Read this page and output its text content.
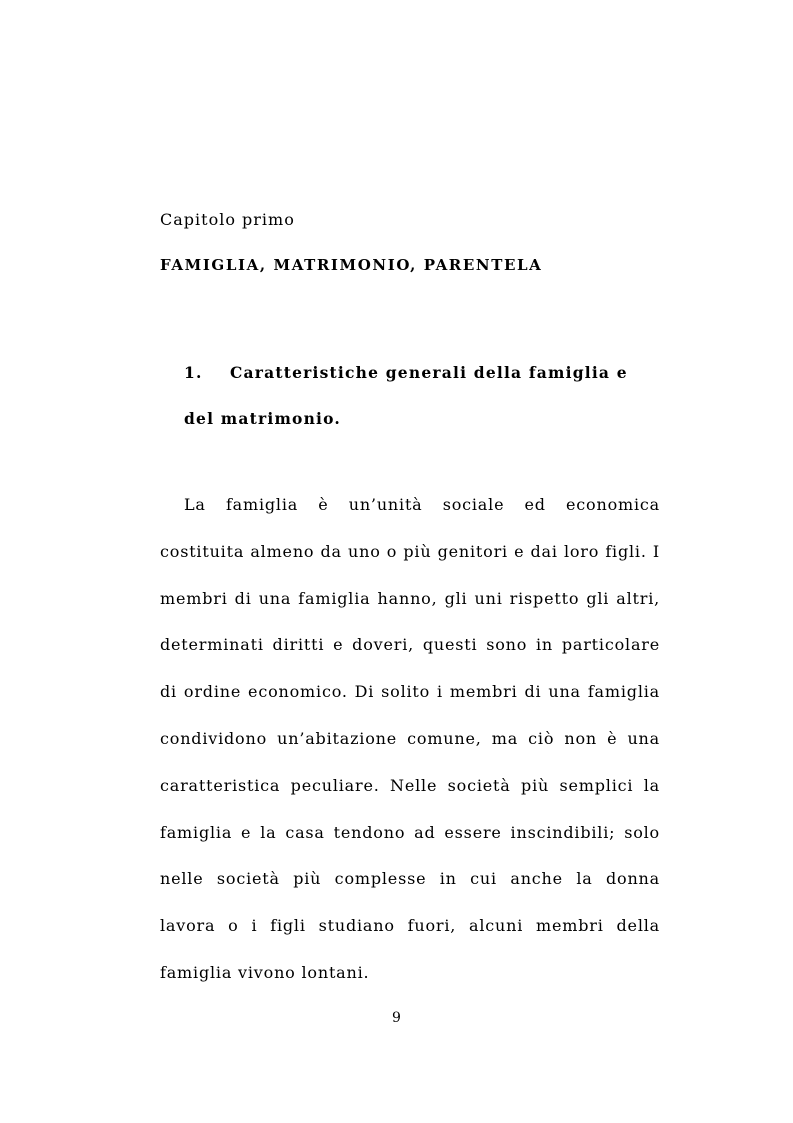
Capitolo primo
FAMIGLIA, MATRIMONIO, PARENTELA
1. Caratteristiche generali della famiglia e del matrimonio.

La famiglia è un’unità sociale ed economica costituita almeno da uno o più genitori e dai loro figli. I membri di una famiglia hanno, gli uni rispetto gli altri, determinati diritti e doveri, questi sono in particolare di ordine economico. Di solito i membri di una famiglia condividono un’abitazione comune, ma ciò non è una caratteristica peculiare. Nelle società più semplici la famiglia e la casa tendono ad essere inscindibili; solo nelle società più complesse in cui anche la donna lavora o i figli studiano fuori, alcuni membri della famiglia vivono lontani.

9
